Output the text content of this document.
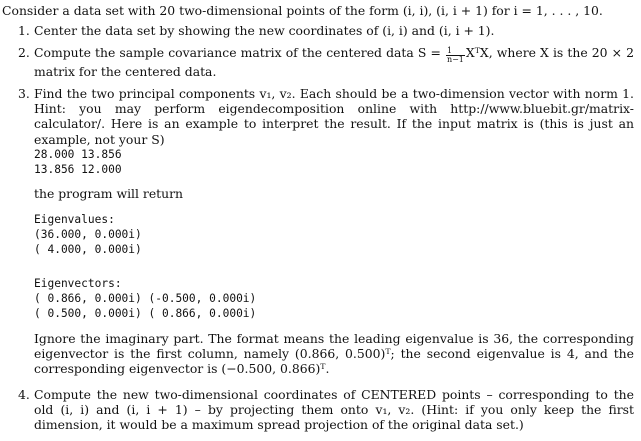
Consider a data set with 20 two-dimensional points of the form (i, i), (i, i + 1) for i = 1, . . . , 10.
1. Center the data set by showing the new coordinates of (i, i) and (i, i + 1).
2. Compute the sample covariance matrix of the centered data $S = \frac{1}{n-1}$ XᵀX, where X is the 20 × 2 matrix for the centered data.
3. Find the two principal components v₁, v₂. Each should be a two-dimension vector with norm 1. Hint: you may perform eigendecomposition online with http://www.bluebit.gr/matrix-calculator/. Here is an example to interpret the result. If the input matrix is (this is just an example, not your S)
28.000 13.856
13.856 12.000
the program will return
Eigenvalues:
(36.000, 0.000i)
( 4.000, 0.000i)
Eigenvectors:
( 0.866, 0.000i) (-0.500, 0.000i)
( 0.500, 0.000i) ( 0.866, 0.000i)
Ignore the imaginary part. The format means the leading eigenvalue is 36, the corresponding eigenvector is the first column, namely (0.866, 0.500)ᵀ; the second eigenvalue is 4, and the corresponding eigenvector is (−0.500, 0.866)ᵀ.
4. Compute the new two-dimensional coordinates of CENTERED points – corresponding to the old (i, i) and (i, i + 1) – by projecting them onto v₁, v₂. (Hint: if you only keep the first dimension, it would be a maximum spread projection of the original data set.)
